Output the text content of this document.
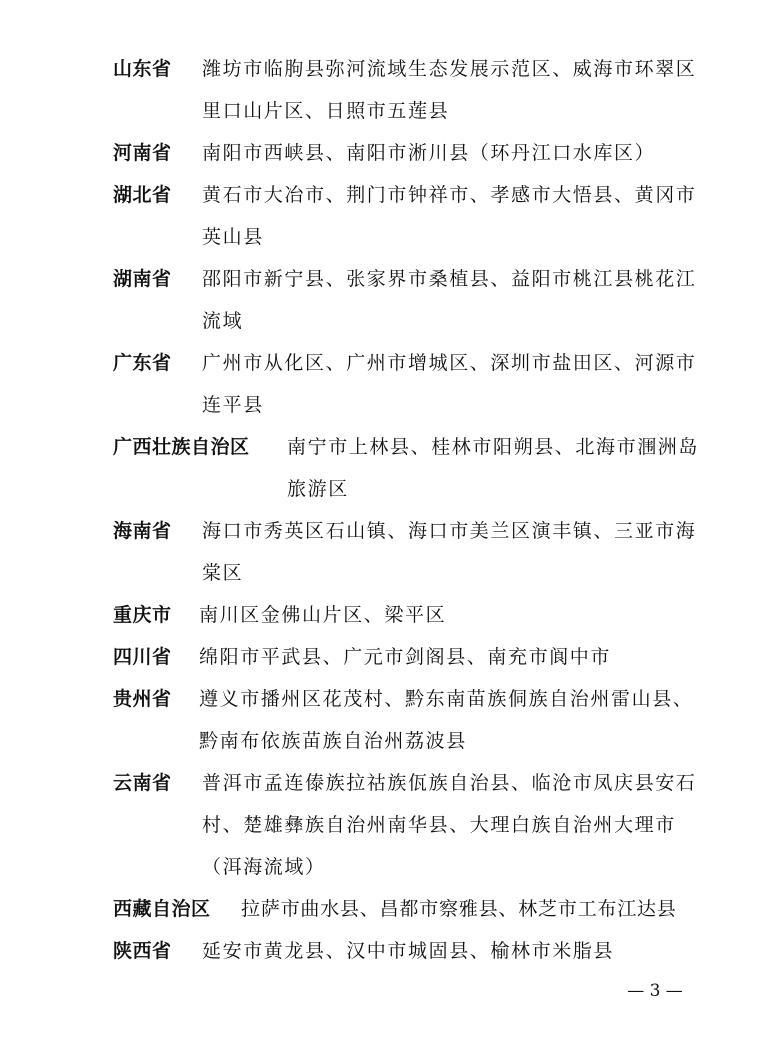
山东省 潍坊市临朐县弥河流域生态发展示范区、威海市环翠区里口山片区、日照市五莲县
河南省 南阳市西峡县、南阳市淅川县（环丹江口水库区）
湖北省 黄石市大冶市、荆门市钟祥市、孝感市大悟县、黄冈市英山县
湖南省 邵阳市新宁县、张家界市桑植县、益阳市桃江县桃花江流域
广东省 广州市从化区、广州市增城区、深圳市盐田区、河源市连平县
广西壮族自治区 南宁市上林县、桂林市阳朔县、北海市涠洲岛旅游区
海南省 海口市秀英区石山镇、海口市美兰区演丰镇、三亚市海棠区
重庆市 南川区金佛山片区、梁平区
四川省 绵阳市平武县、广元市剑阁县、南充市阆中市
贵州省 遵义市播州区花茂村、黔东南苗族侗族自治州雷山县、黔南布依族苗族自治州荔波县
云南省 普洱市孟连傣族拉祜族佤族自治县、临沧市凤庆县安石村、楚雄彝族自治州南华县、大理白族自治州大理市（洱海流域）
西藏自治区 拉萨市曲水县、昌都市察雅县、林芝市工布江达县
陕西省 延安市黄龙县、汉中市城固县、榆林市米脂县
— 3 —
